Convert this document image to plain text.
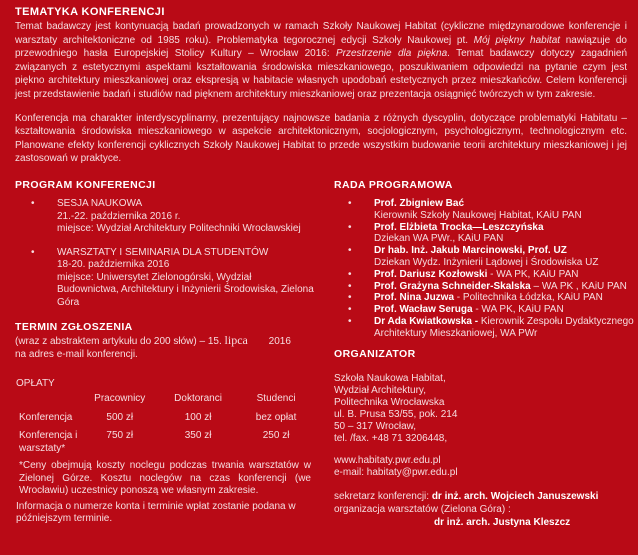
TEMATYKA KONFERENCJI
Temat badawczy jest kontynuacją badań prowadzonych w ramach Szkoły Naukowej Habitat (cykliczne międzynarodowe konferencje i warsztaty architektoniczne od 1985 roku). Problematyka tegorocznej edycji Szkoły Naukowej pt. Mój piękny habitat nawiązuje do przewodniego hasła Europejskiej Stolicy Kultury – Wrocław 2016: Przestrzenie dla piękna. Temat badawczy dotyczy zagadnień związanych z estetycznymi aspektami kształtowania środowiska mieszkaniowego, poszukiwaniem odpowiedzi na pytanie czym jest piękno architektury mieszkaniowej oraz ekspresją w habitacie własnych upodobań estetycznych przez mieszkańców. Celem konferencji jest przedstawienie badań i studiów nad pięknem architektury mieszkaniowej oraz prezentacja osiągnięć twórczych w tym zakresie.
Konferencja ma charakter interdyscyplinarny, prezentujący najnowsze badania z różnych dyscyplin, dotyczące problematyki Habitatu – kształtowania środowiska mieszkaniowego w aspekcie architektonicznym, socjologicznym, psychologicznym, technologicznym etc. Planowane efekty konferencji cyklicznych Szkoły Naukowej Habitat to przede wszystkim budowanie teorii architektury mieszkaniowej i jej zastosowań w praktyce.
PROGRAM KONFERENCJI
• SESJA NAUKOWA
21.-22. października 2016 r.
miejsce: Wydział Architektury Politechniki Wrocławskiej
• WARSZTATY I SEMINARIA DLA STUDENTÓW
18-20. października 2016
miejsce: Uniwersytet Zielonogórski, Wydział Budownictwa, Architektury i Inżynierii Środowiska, Zielona Góra
TERMIN ZGŁOSZENIA
(wraz z abstraktem artykułu do 200 słów) – 15. lipca 2016
na adres e-mail konferencji.
OPŁATY
	Pracownicy	Doktoranci	Studenci

Konferencja	500 zł	100 zł	bez opłat

Konferencja i warsztaty*	750 zł	350 zł	250 zł
*Ceny obejmują kosztу noclegu podczas trwania warsztatów w Zielonej Górze. Kosztu noclegów na czas konferencji (we Wrocławiu) uczestnicy ponoszą we własnym zakresie.
Informacja o numerze konta i terminie wpłat zostanie podana w późniejszym terminie.
RADA PROGRAMOWA
• Prof. Zbigniew Bać
Kierownik Szkoły Naukowej Habitat, KAiU PAN
• Prof. Elżbieta Trocka—Leszczyńska
Dziekan WA PWr., KAiU PAN
• Dr hab. Inż. Jakub Marcinowski, Prof. UZ
Dziekan Wydz. Inżynierii Lądowej i Środowiska UZ
• Prof. Dariusz Kozłowski - WA PK, KAiU PAN
• Prof. Grażyna Schneider-Skalska – WA PK , KAiU PAN
• Prof. Nina Juzwa - Politechnika Łódzka, KAiU PAN
• Prof. Wacław Seruga - WA PK, KAiU PAN
• Dr Ada Kwiatkowska - Kierownik Zespołu Dydaktycznego Architektury Mieszkaniowej, WA PWr
ORGANIZATOR
Szkoła Naukowa Habitat,
Wydział Architektury,
Politechnika Wrocławska
ul. B. Prusa 53/55, pok. 214
50 – 317 Wrocław,
tel. /fax. +48 71 3206448,
www.habitaty.pwr.edu.pl
e-mail: habitaty@pwr.edu.pl
sekretarz konferencji: dr inż. arch. Wojciech Januszewski
organizacja warsztatów (Zielona Góra) :
dr inż. arch. Justyna Kleszcz
